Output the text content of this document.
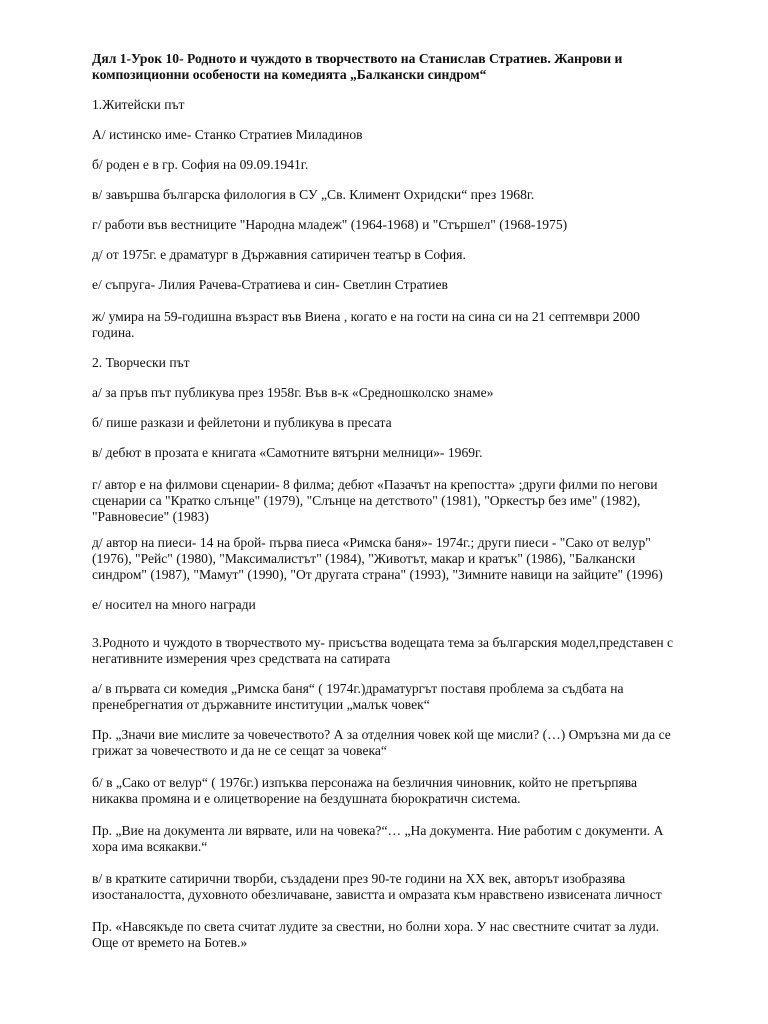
Дял 1-Урок 10- Родното и чуждото в творчеството на Станислав Стратиев. Жанрови и композиционни особености на комедията „Балкански синдром“
1.Житейски път
А/ истинско име- Станко Стратиев Миладинов
б/ роден е в гр. София на 09.09.1941г.
в/ завършва българска филология в СУ „Св. Климент Охридски“ през 1968г.
г/ работи във вестниците "Народна младеж" (1964-1968) и "Стършел" (1968-1975)
д/ от 1975г. е драматург в Държавния сатиричен театър в София.
е/ съпруга- Лилия Рачева-Стратиева и син- Светлин Стратиев
ж/ умира на 59-годишна възраст във Виена , когато е на гости на сина си на 21 септември 2000 година.
2. Творчески път
а/ за пръв път публикува през 1958г. Във в-к «Средношколско знаме»
б/ пише разкази и фейлетони и публикува в пресата
в/ дебют в прозата е книгата «Самотните вятърни мелници»- 1969г.
г/ автор е на филмови сценарии- 8 филма; дебют «Пазачът на крепостта» ;други филми по негови сценарии са "Кратко слънце" (1979), "Слънце на детството" (1981), "Оркестър без име" (1982), "Равновесие" (1983)
д/ автор на пиеси- 14 на брой- първа пиеса «Римска баня»- 1974г.; други пиеси - "Сако от велур" (1976), "Рейс" (1980), "Максималистът" (1984), "Животът, макар и кратък" (1986), "Балкански синдром" (1987), "Мамут" (1990), "От другата страна" (1993), "Зимните навици на зайците" (1996)
е/ носител на много награди
3.Родното и чуждото в творчеството му- присъства водещата тема за българския модел,представен с негативните измерения чрез средствата на сатирата
а/ в първата си комедия „Римска баня“ ( 1974г.)драматургът поставя проблема за съдбата на пренебрегнатия от държавните институции „малък човек“
Пр. „Значи вие мислите за човечеството? А за отделния човек кой ще мисли? (…) Омръзна ми да се грижат за човечеството и да не се сещат за човека“
б/ в „Сако от велур“ ( 1976г.) изпъква персонажа на безличния чиновник, който не претърпява никаква промяна и е олицетворение на бездушната бюрократичн система.
Пр. „Вие на документа ли вярвате, или на човека?“… „На документа. Ние работим с документи. А хора има всякакви.“
в/ в кратките сатирични творби, създадени през 90-те години на ХХ век, авторът изобразява изостаналостта, духовното обезличаване, завистта и омразата към нравствено извисената личност
Пр. «Навсякъде по света считат лудите за свестни, но болни хора. У нас свестните считат за луди. Още от времето на Ботев.»
